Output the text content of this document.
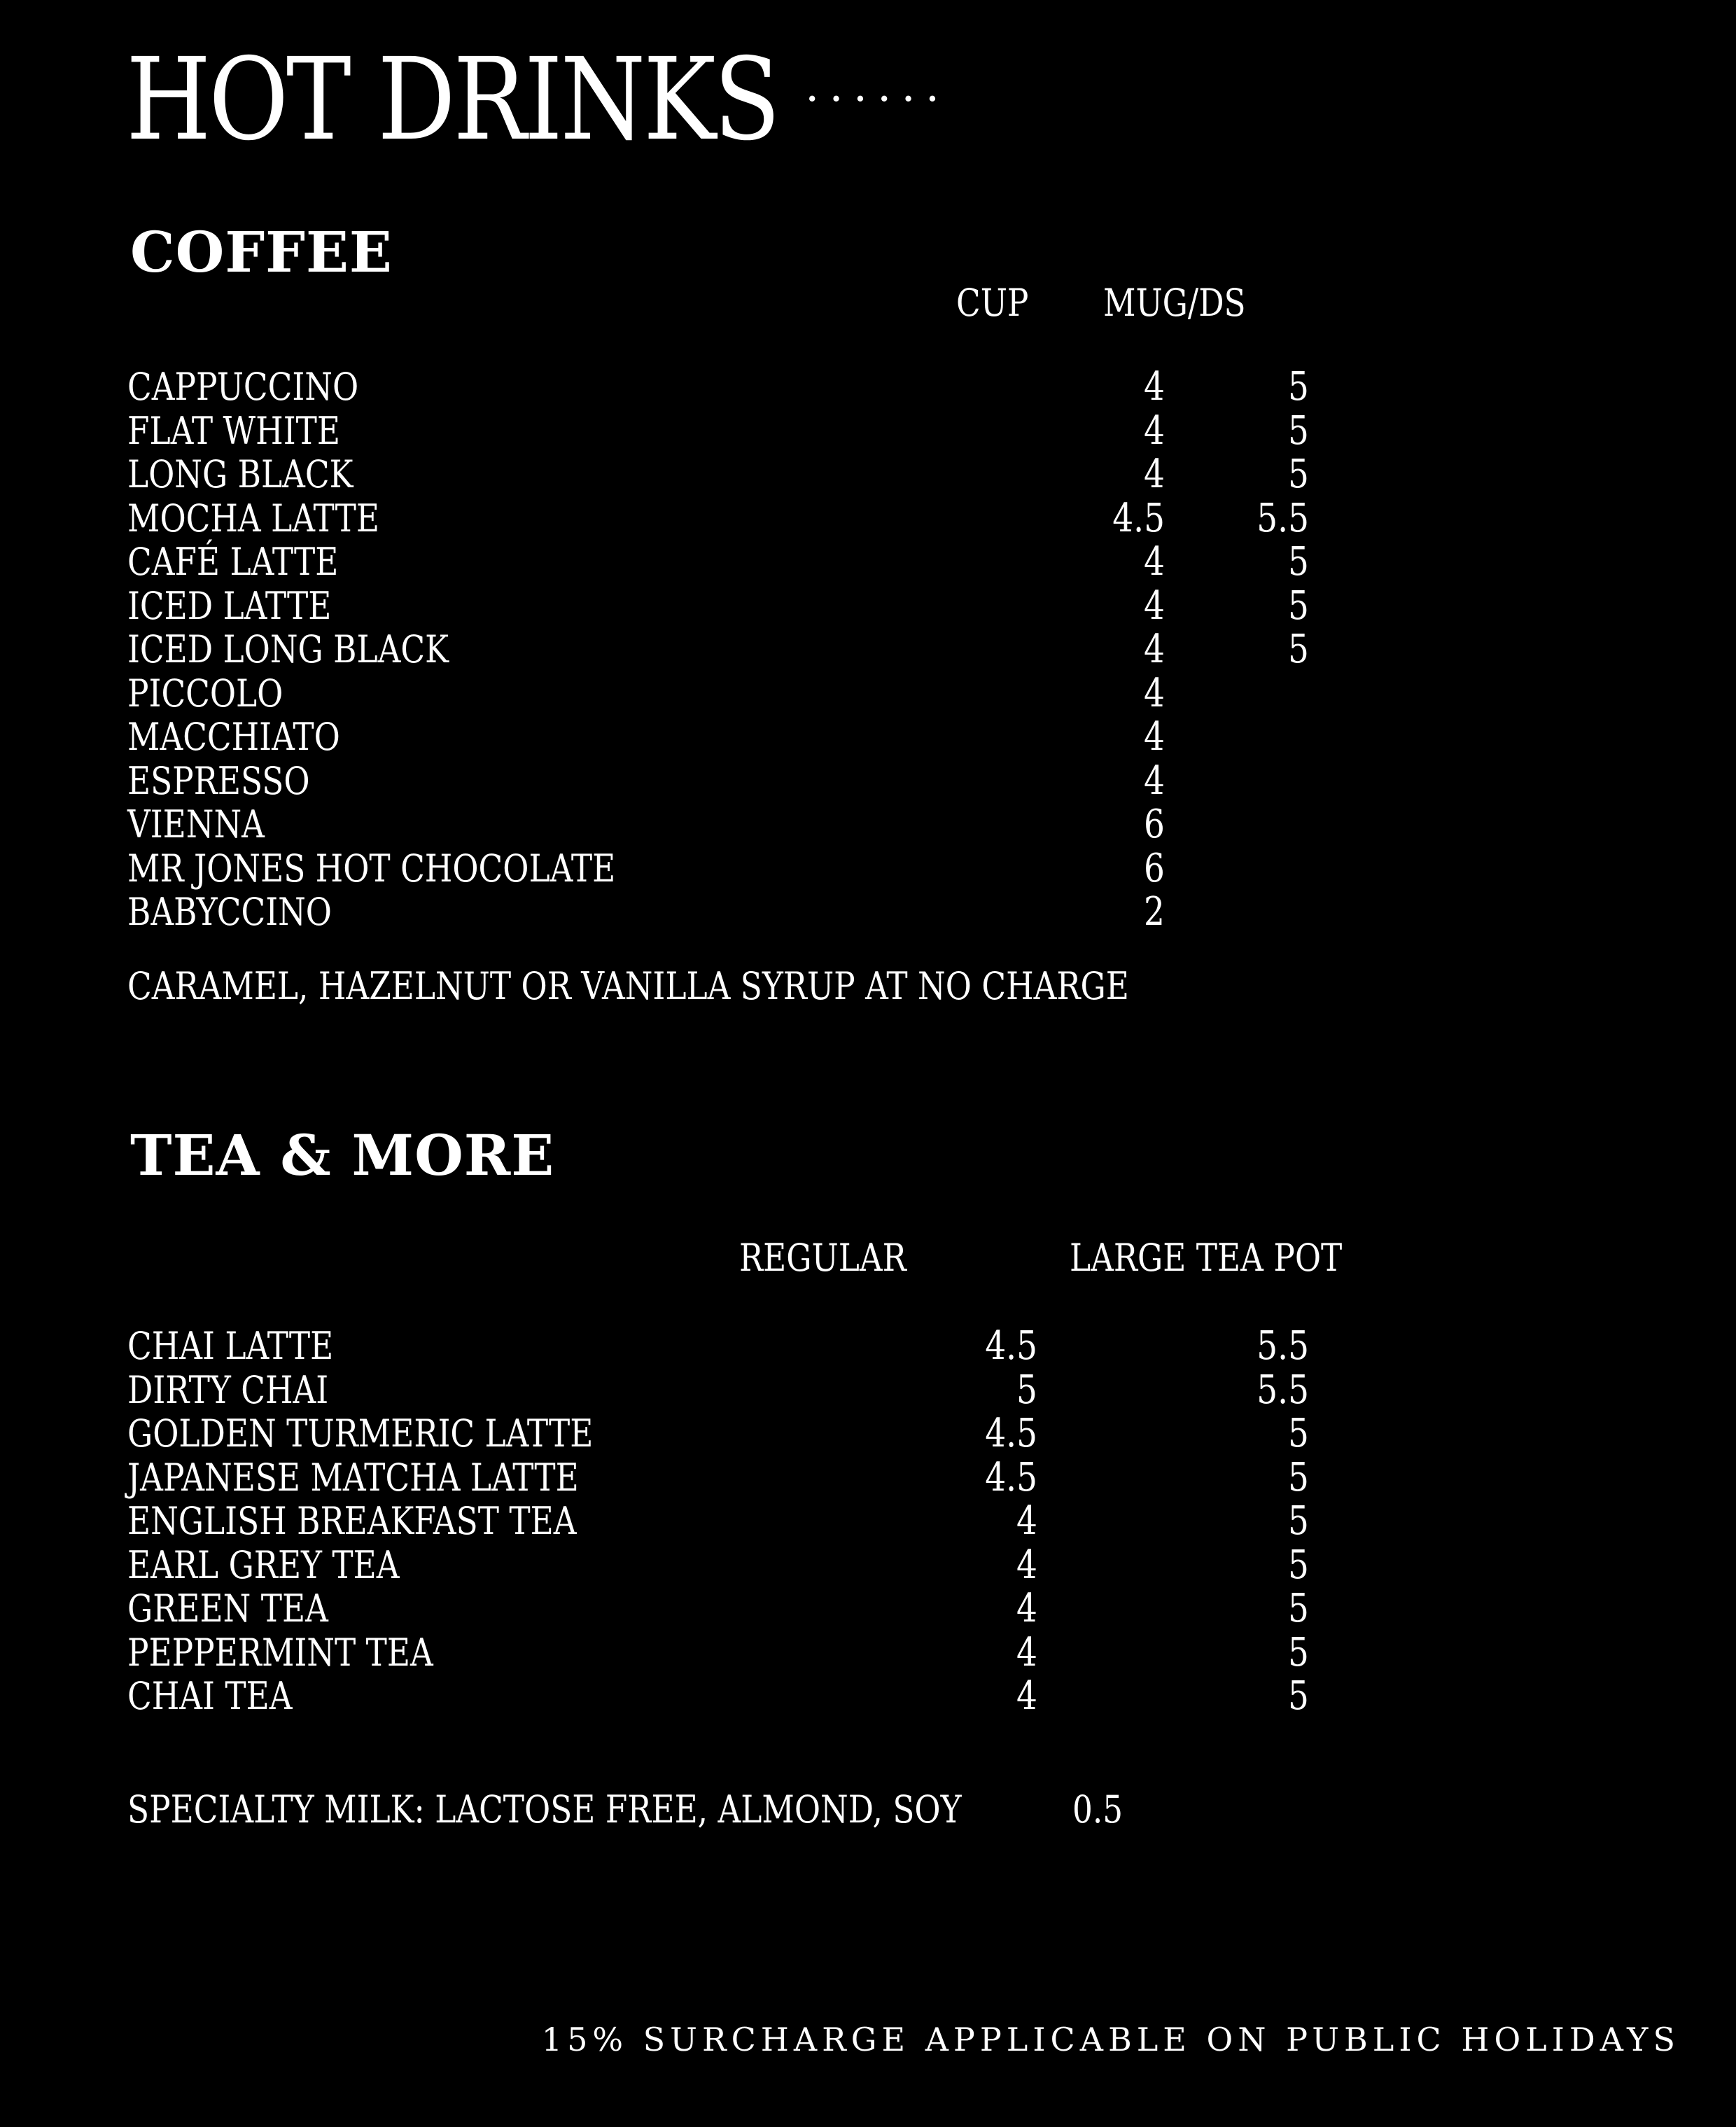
HOT DRINKS ......
COFFEE
CUP MUG/DS
CAPPUCCINO	4	5
FLAT WHITE	4	5
LONG BLACK	4	5
MOCHA LATTE	4.5	5.5
CAFÉ LATTE	4	5
ICED LATTE	4	5
ICED LONG BLACK	4	5
PICCOLO	4
MACCHIATO	4
ESPRESSO	4
VIENNA	6
MR JONES HOT CHOCOLATE	6
BABYCCINO	2
CARAMEL, HAZELNUT OR VANILLA SYRUP AT NO CHARGE
TEA & MORE
REGULAR	LARGE TEA POT
CHAI LATTE	4.5	5.5
DIRTY CHAI	5	5.5
GOLDEN TURMERIC LATTE	4.5	5
JAPANESE MATCHA LATTE	4.5	5
ENGLISH BREAKFAST TEA	4	5
EARL GREY TEA	4	5
GREEN TEA	4	5
PEPPERMINT TEA	4	5
CHAI TEA	4	5
SPECIALTY MILK: LACTOSE FREE, ALMOND, SOY	0.5
15% SURCHARGE APPLICABLE ON PUBLIC HOLIDAYS
